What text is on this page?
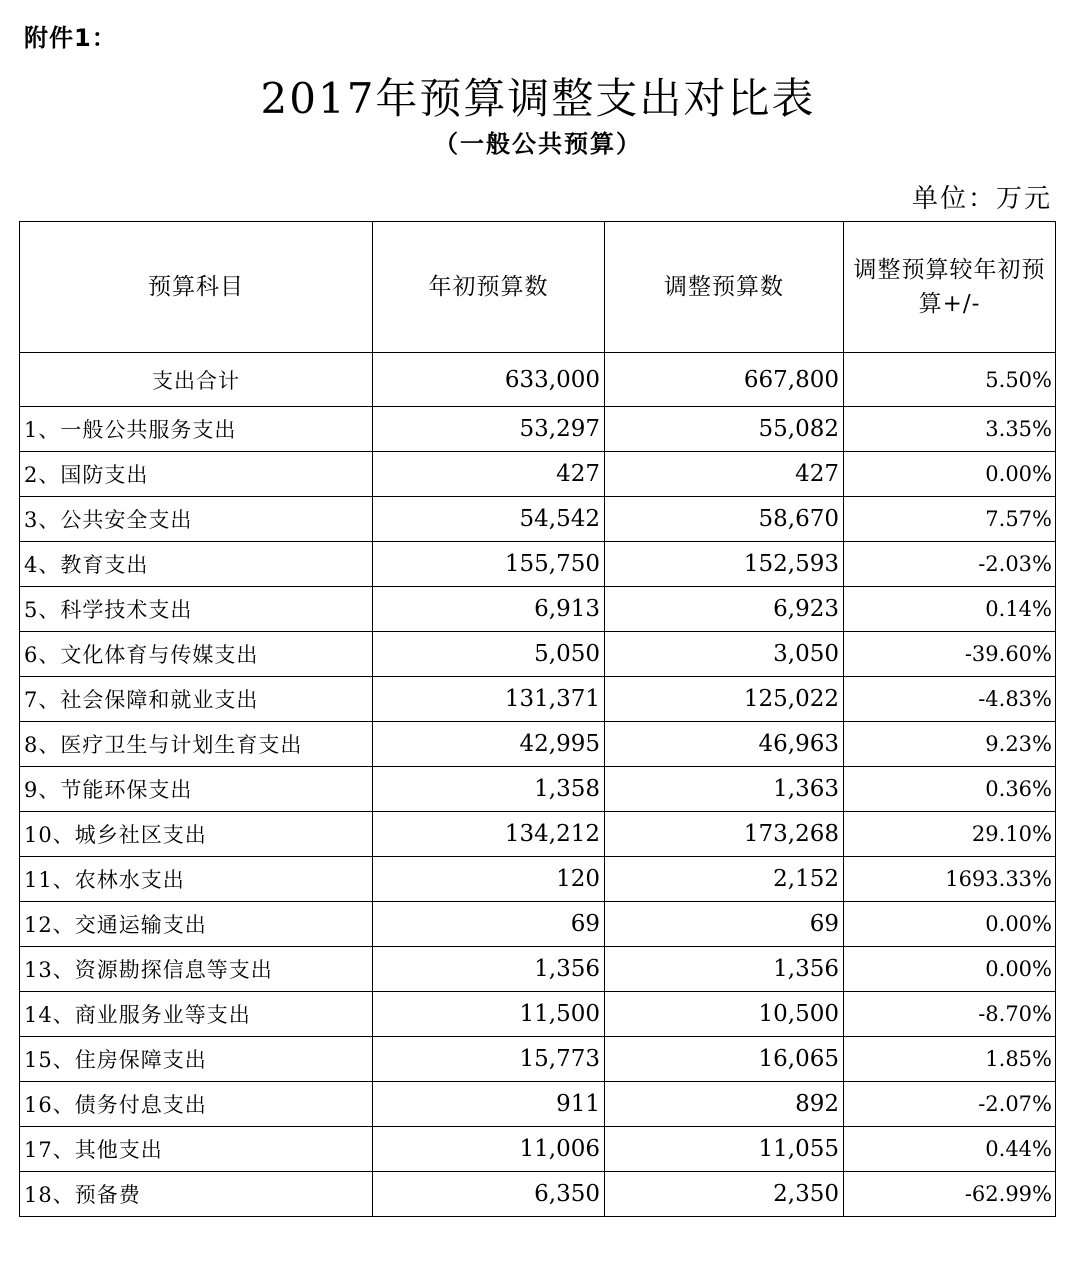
附件1：
2017年预算调整支出对比表
（一般公共预算）
单位：万元
预算科目	年初预算数	调整预算数	调整预算较年初预算+/-
支出合计	633,000	667,800	5.50%
1、一般公共服务支出	53,297	55,082	3.35%
2、国防支出	427	427	0.00%
3、公共安全支出	54,542	58,670	7.57%
4、教育支出	155,750	152,593	-2.03%
5、科学技术支出	6,913	6,923	0.14%
6、文化体育与传媒支出	5,050	3,050	-39.60%
7、社会保障和就业支出	131,371	125,022	-4.83%
8、医疗卫生与计划生育支出	42,995	46,963	9.23%
9、节能环保支出	1,358	1,363	0.36%
10、城乡社区支出	134,212	173,268	29.10%
11、农林水支出	120	2,152	1693.33%
12、交通运输支出	69	69	0.00%
13、资源勘探信息等支出	1,356	1,356	0.00%
14、商业服务业等支出	11,500	10,500	-8.70%
15、住房保障支出	15,773	16,065	1.85%
16、债务付息支出	911	892	-2.07%
17、其他支出	11,006	11,055	0.44%
18、预备费	6,350	2,350	-62.99%
